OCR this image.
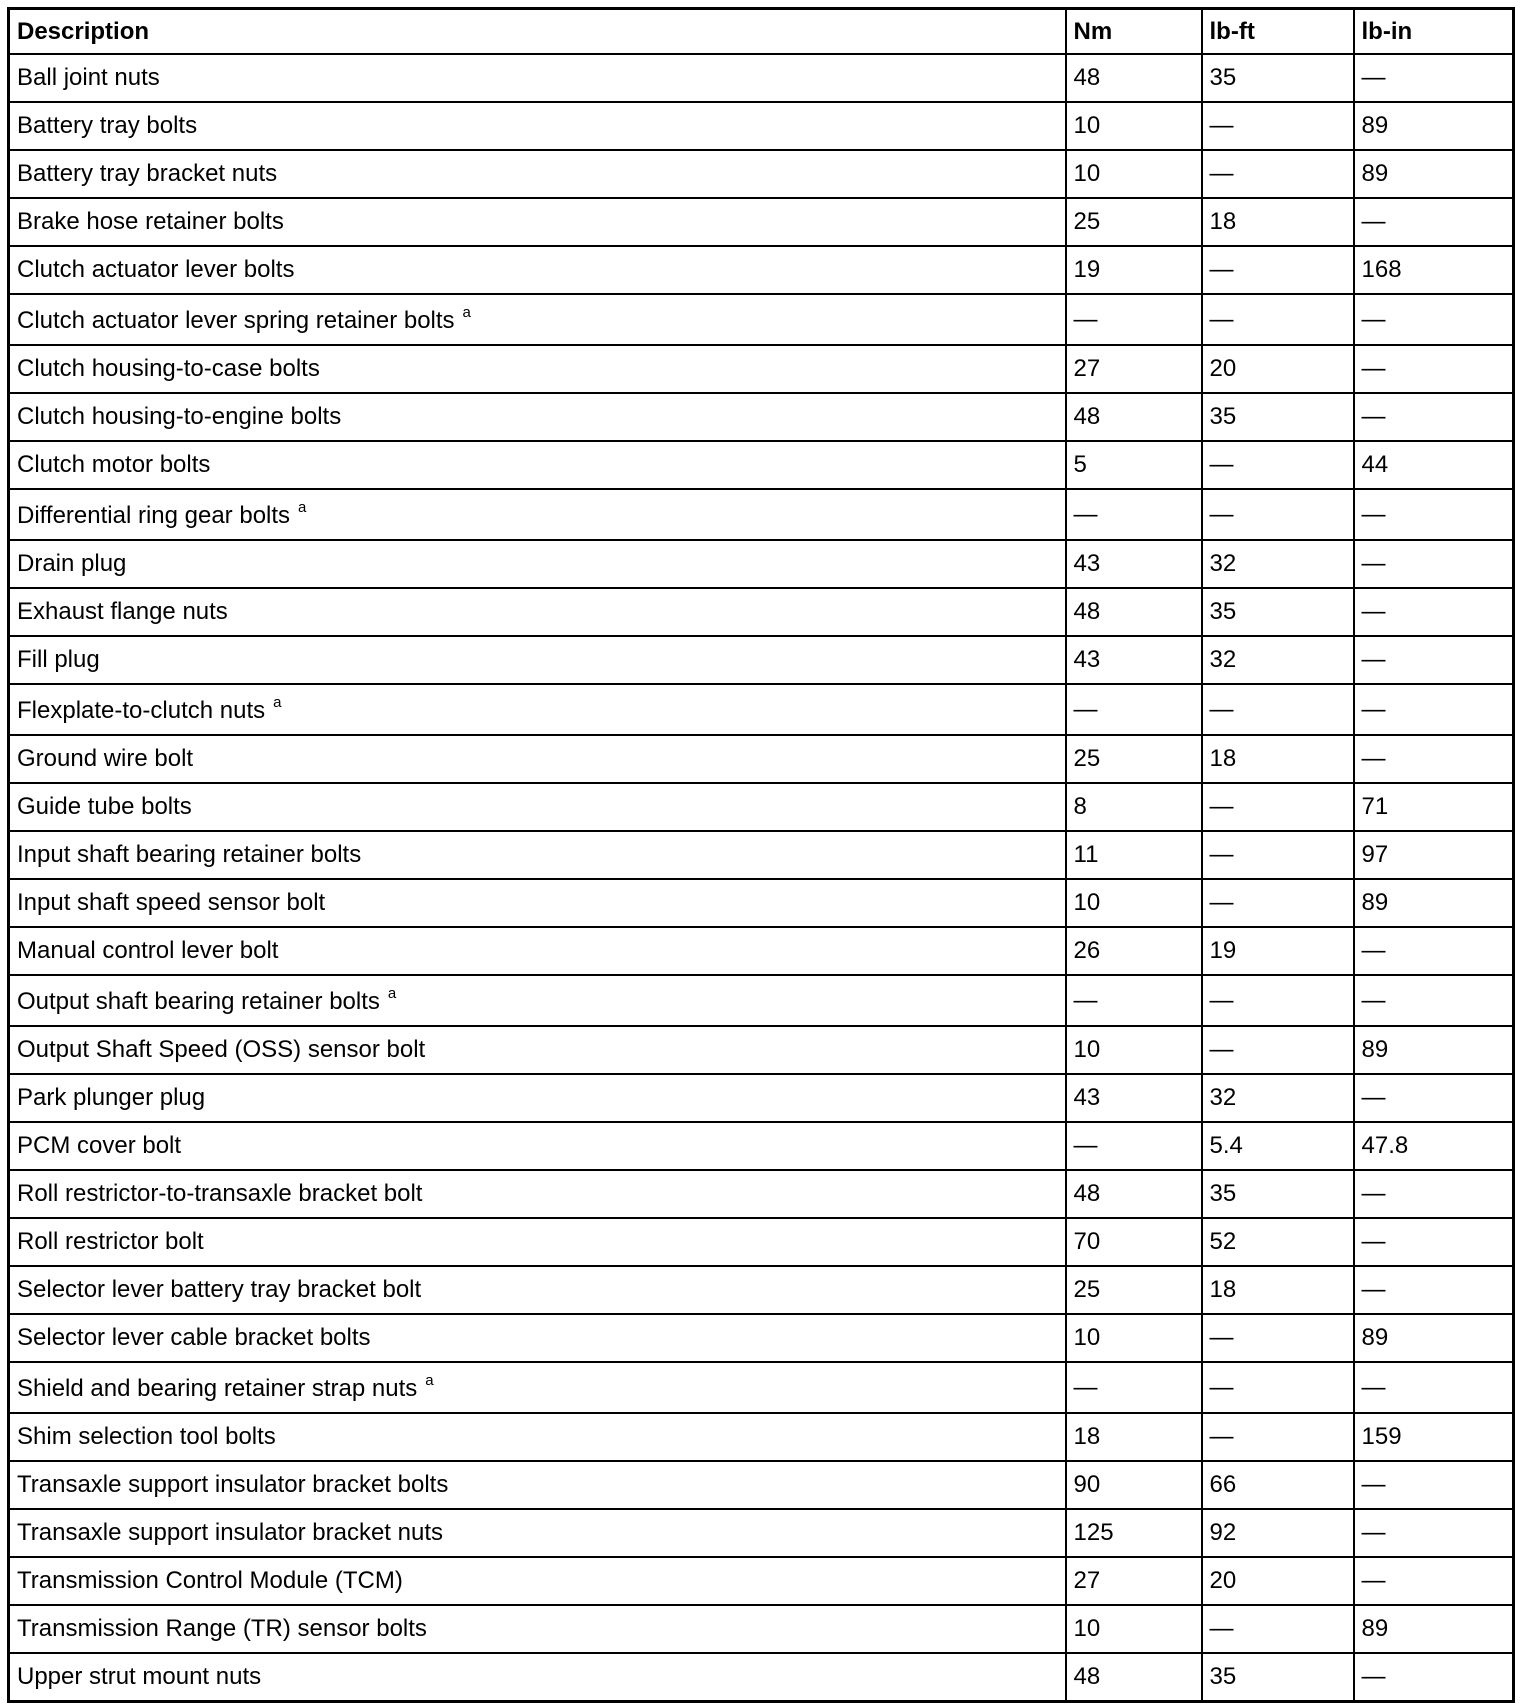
Description	Nm	lb-ft	lb-in
Ball joint nuts	48	35	—
Battery tray bolts	10	—	89
Battery tray bracket nuts	10	—	89
Brake hose retainer bolts	25	18	—
Clutch actuator lever bolts	19	—	168
Clutch actuator lever spring retainer bolts $^a$	—	—	—
Clutch housing-to-case bolts	27	20	—
Clutch housing-to-engine bolts	48	35	—
Clutch motor bolts	5	—	44
Differential ring gear bolts $^a$	—	—	—
Drain plug	43	32	—
Exhaust flange nuts	48	35	—
Fill plug	43	32	—
Flexplate-to-clutch nuts $^a$	—	—	—
Ground wire bolt	25	18	—
Guide tube bolts	8	—	71
Input shaft bearing retainer bolts	11	—	97
Input shaft speed sensor bolt	10	—	89
Manual control lever bolt	26	19	—
Output shaft bearing retainer bolts $^a$	—	—	—
Output Shaft Speed (OSS) sensor bolt	10	—	89
Park plunger plug	43	32	—
PCM cover bolt	—	5.4	47.8
Roll restrictor-to-transaxle bracket bolt	48	35	—
Roll restrictor bolt	70	52	—
Selector lever battery tray bracket bolt	25	18	—
Selector lever cable bracket bolts	10	—	89
Shield and bearing retainer strap nuts $^a$	—	—	—
Shim selection tool bolts	18	—	159
Transaxle support insulator bracket bolts	90	66	—
Transaxle support insulator bracket nuts	125	92	—
Transmission Control Module (TCM)	27	20	—
Transmission Range (TR) sensor bolts	10	—	89
Upper strut mount nuts	48	35	—
